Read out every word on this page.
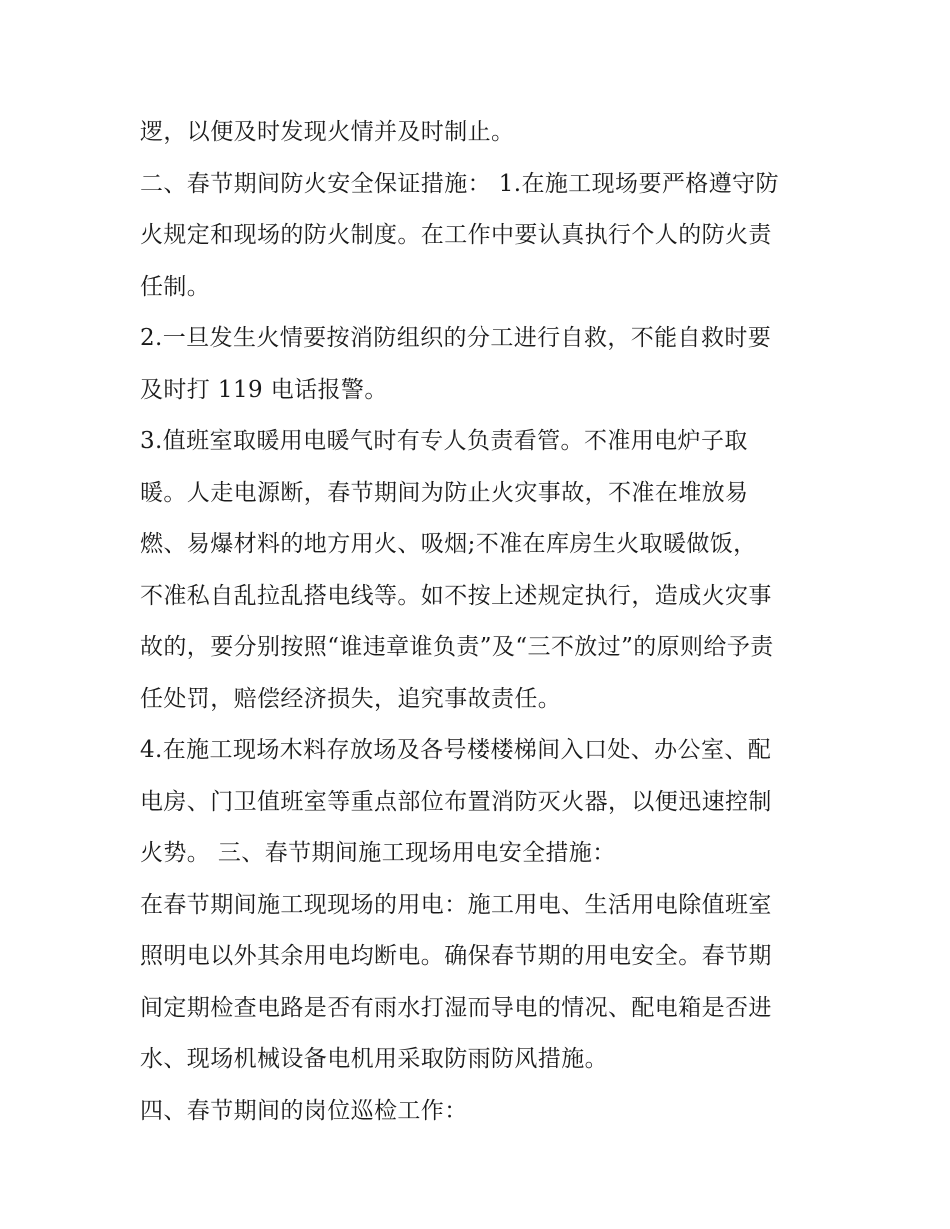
逻，以便及时发现火情并及时制止。
二、春节期间防火安全保证措施： 1.在施工现场要严格遵守防
火规定和现场的防火制度。在工作中要认真执行个人的防火责
任制。
2.一旦发生火情要按消防组织的分工进行自救，不能自救时要
及时打 119 电话报警。
3.值班室取暖用电暖气时有专人负责看管。不准用电炉子取
暖。人走电源断，春节期间为防止火灾事故，不准在堆放易
燃、易爆材料的地方用火、吸烟;不准在库房生火取暖做饭，
不准私自乱拉乱搭电线等。如不按上述规定执行，造成火灾事
故的，要分别按照“谁违章谁负责”及“三不放过”的原则给予责
任处罚，赔偿经济损失，追究事故责任。
4.在施工现场木料存放场及各号楼楼梯间入口处、办公室、配
电房、门卫值班室等重点部位布置消防灭火器，以便迅速控制
火势。 三、春节期间施工现场用电安全措施：
在春节期间施工现现场的用电：施工用电、生活用电除值班室
照明电以外其余用电均断电。确保春节期的用电安全。春节期
间定期检查电路是否有雨水打湿而导电的情况、配电箱是否进
水、现场机械设备电机用采取防雨防风措施。
四、春节期间的岗位巡检工作：
